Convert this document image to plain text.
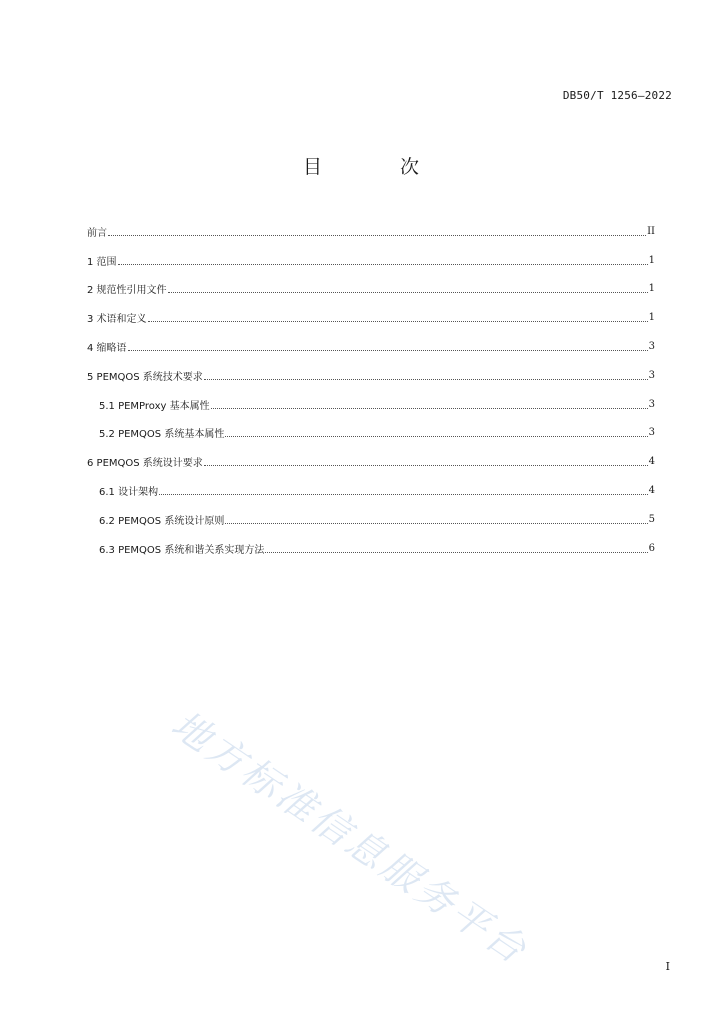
DB50/T 1256—2022
目 次
前言	II
1 范围	1
2 规范性引用文件	1
3 术语和定义	1
4 缩略语	3
5 PEMQOS 系统技术要求	3
5.1 PEMProxy 基本属性	3
5.2 PEMQOS 系统基本属性	3
6 PEMQOS 系统设计要求	4
6.1 设计架构	4
6.2 PEMQOS 系统设计原则	5
6.3 PEMQOS 系统和谐关系实现方法	6
地方标准信息服务平台	I
